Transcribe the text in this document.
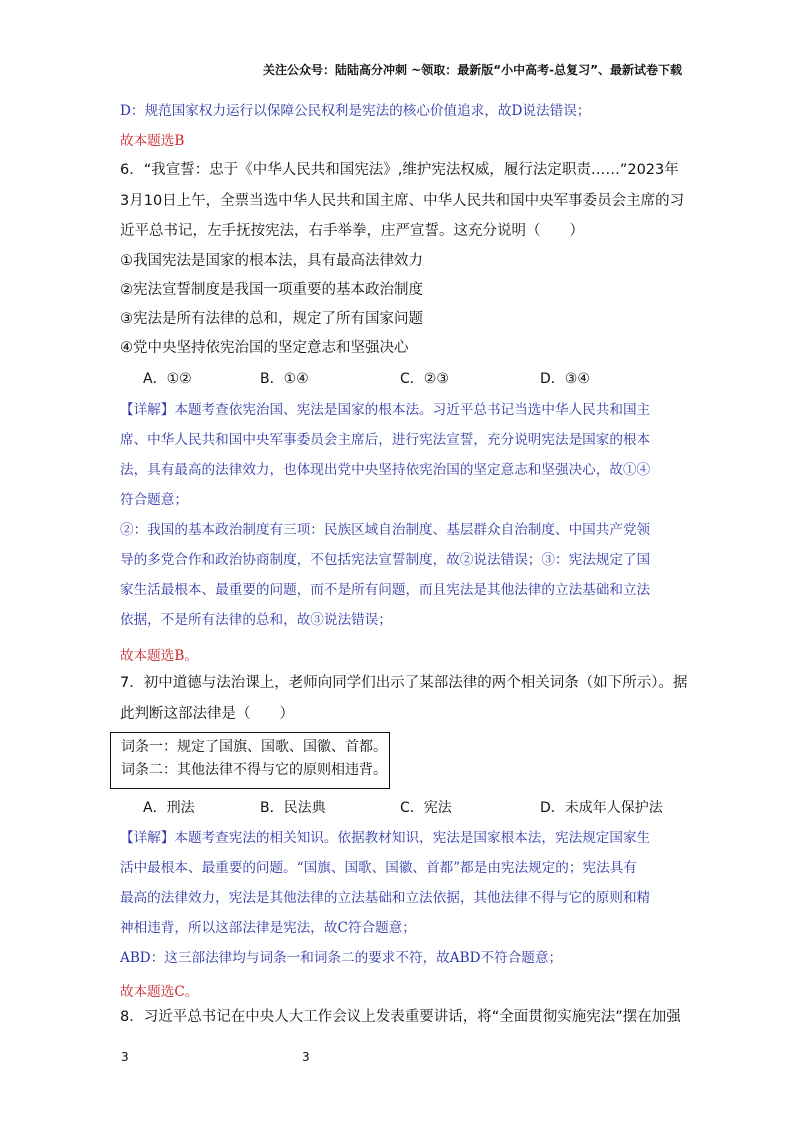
关注公众号：陆陆高分冲刺 ~领取：最新版“小中高考-总复习”、最新试卷下载
D：规范国家权力运行以保障公民权利是宪法的核心价值追求，故D说法错误；
故本题选B
6．“我宣誓：忠于《中华人民共和国宪法》,维护宪法权威，履行法定职责……”2023年
3月10日上午，全票当选中华人民共和国主席、中华人民共和国中央军事委员会主席的习
近平总书记，左手抚按宪法，右手举拳，庄严宣誓。这充分说明（　　）
①我国宪法是国家的根本法，具有最高法律效力
②宪法宣誓制度是我国一项重要的基本政治制度
③宪法是所有法律的总和，规定了所有国家问题
④党中央坚持依宪治国的坚定意志和坚强决心
A．①②	B．①④	C．②③	D．③④
【详解】本题考查依宪治国、宪法是国家的根本法。习近平总书记当选中华人民共和国主
席、中华人民共和国中央军事委员会主席后，进行宪法宣誓，充分说明宪法是国家的根本
法，具有最高的法律效力，也体现出党中央坚持依宪治国的坚定意志和坚强决心，故①④
符合题意；
②：我国的基本政治制度有三项：民族区域自治制度、基层群众自治制度、中国共产党领
导的多党合作和政治协商制度，不包括宪法宣誓制度，故②说法错误；③：宪法规定了国
家生活最根本、最重要的问题，而不是所有问题，而且宪法是其他法律的立法基础和立法
依据，不是所有法律的总和，故③说法错误；
故本题选B。
7．初中道德与法治课上，老师向同学们出示了某部法律的两个相关词条（如下所示）。据
此判断这部法律是（　　）
词条一：规定了国旗、国歌、国徽、首都。
词条二：其他法律不得与它的原则相违背。
A．刑法	B．民法典	C．宪法	D．未成年人保护法
【详解】本题考查宪法的相关知识。依据教材知识，宪法是国家根本法，宪法规定国家生
活中最根本、最重要的问题。“国旗、国歌、国徽、首都”都是由宪法规定的；宪法具有
最高的法律效力，宪法是其他法律的立法基础和立法依据，其他法律不得与它的原则和精
神相违背，所以这部法律是宪法，故C符合题意；
ABD：这三部法律均与词条一和词条二的要求不符，故ABD不符合题意；
故本题选C。
8．习近平总书记在中央人大工作会议上发表重要讲话，将“全面贯彻实施宪法”摆在加强
3	3
